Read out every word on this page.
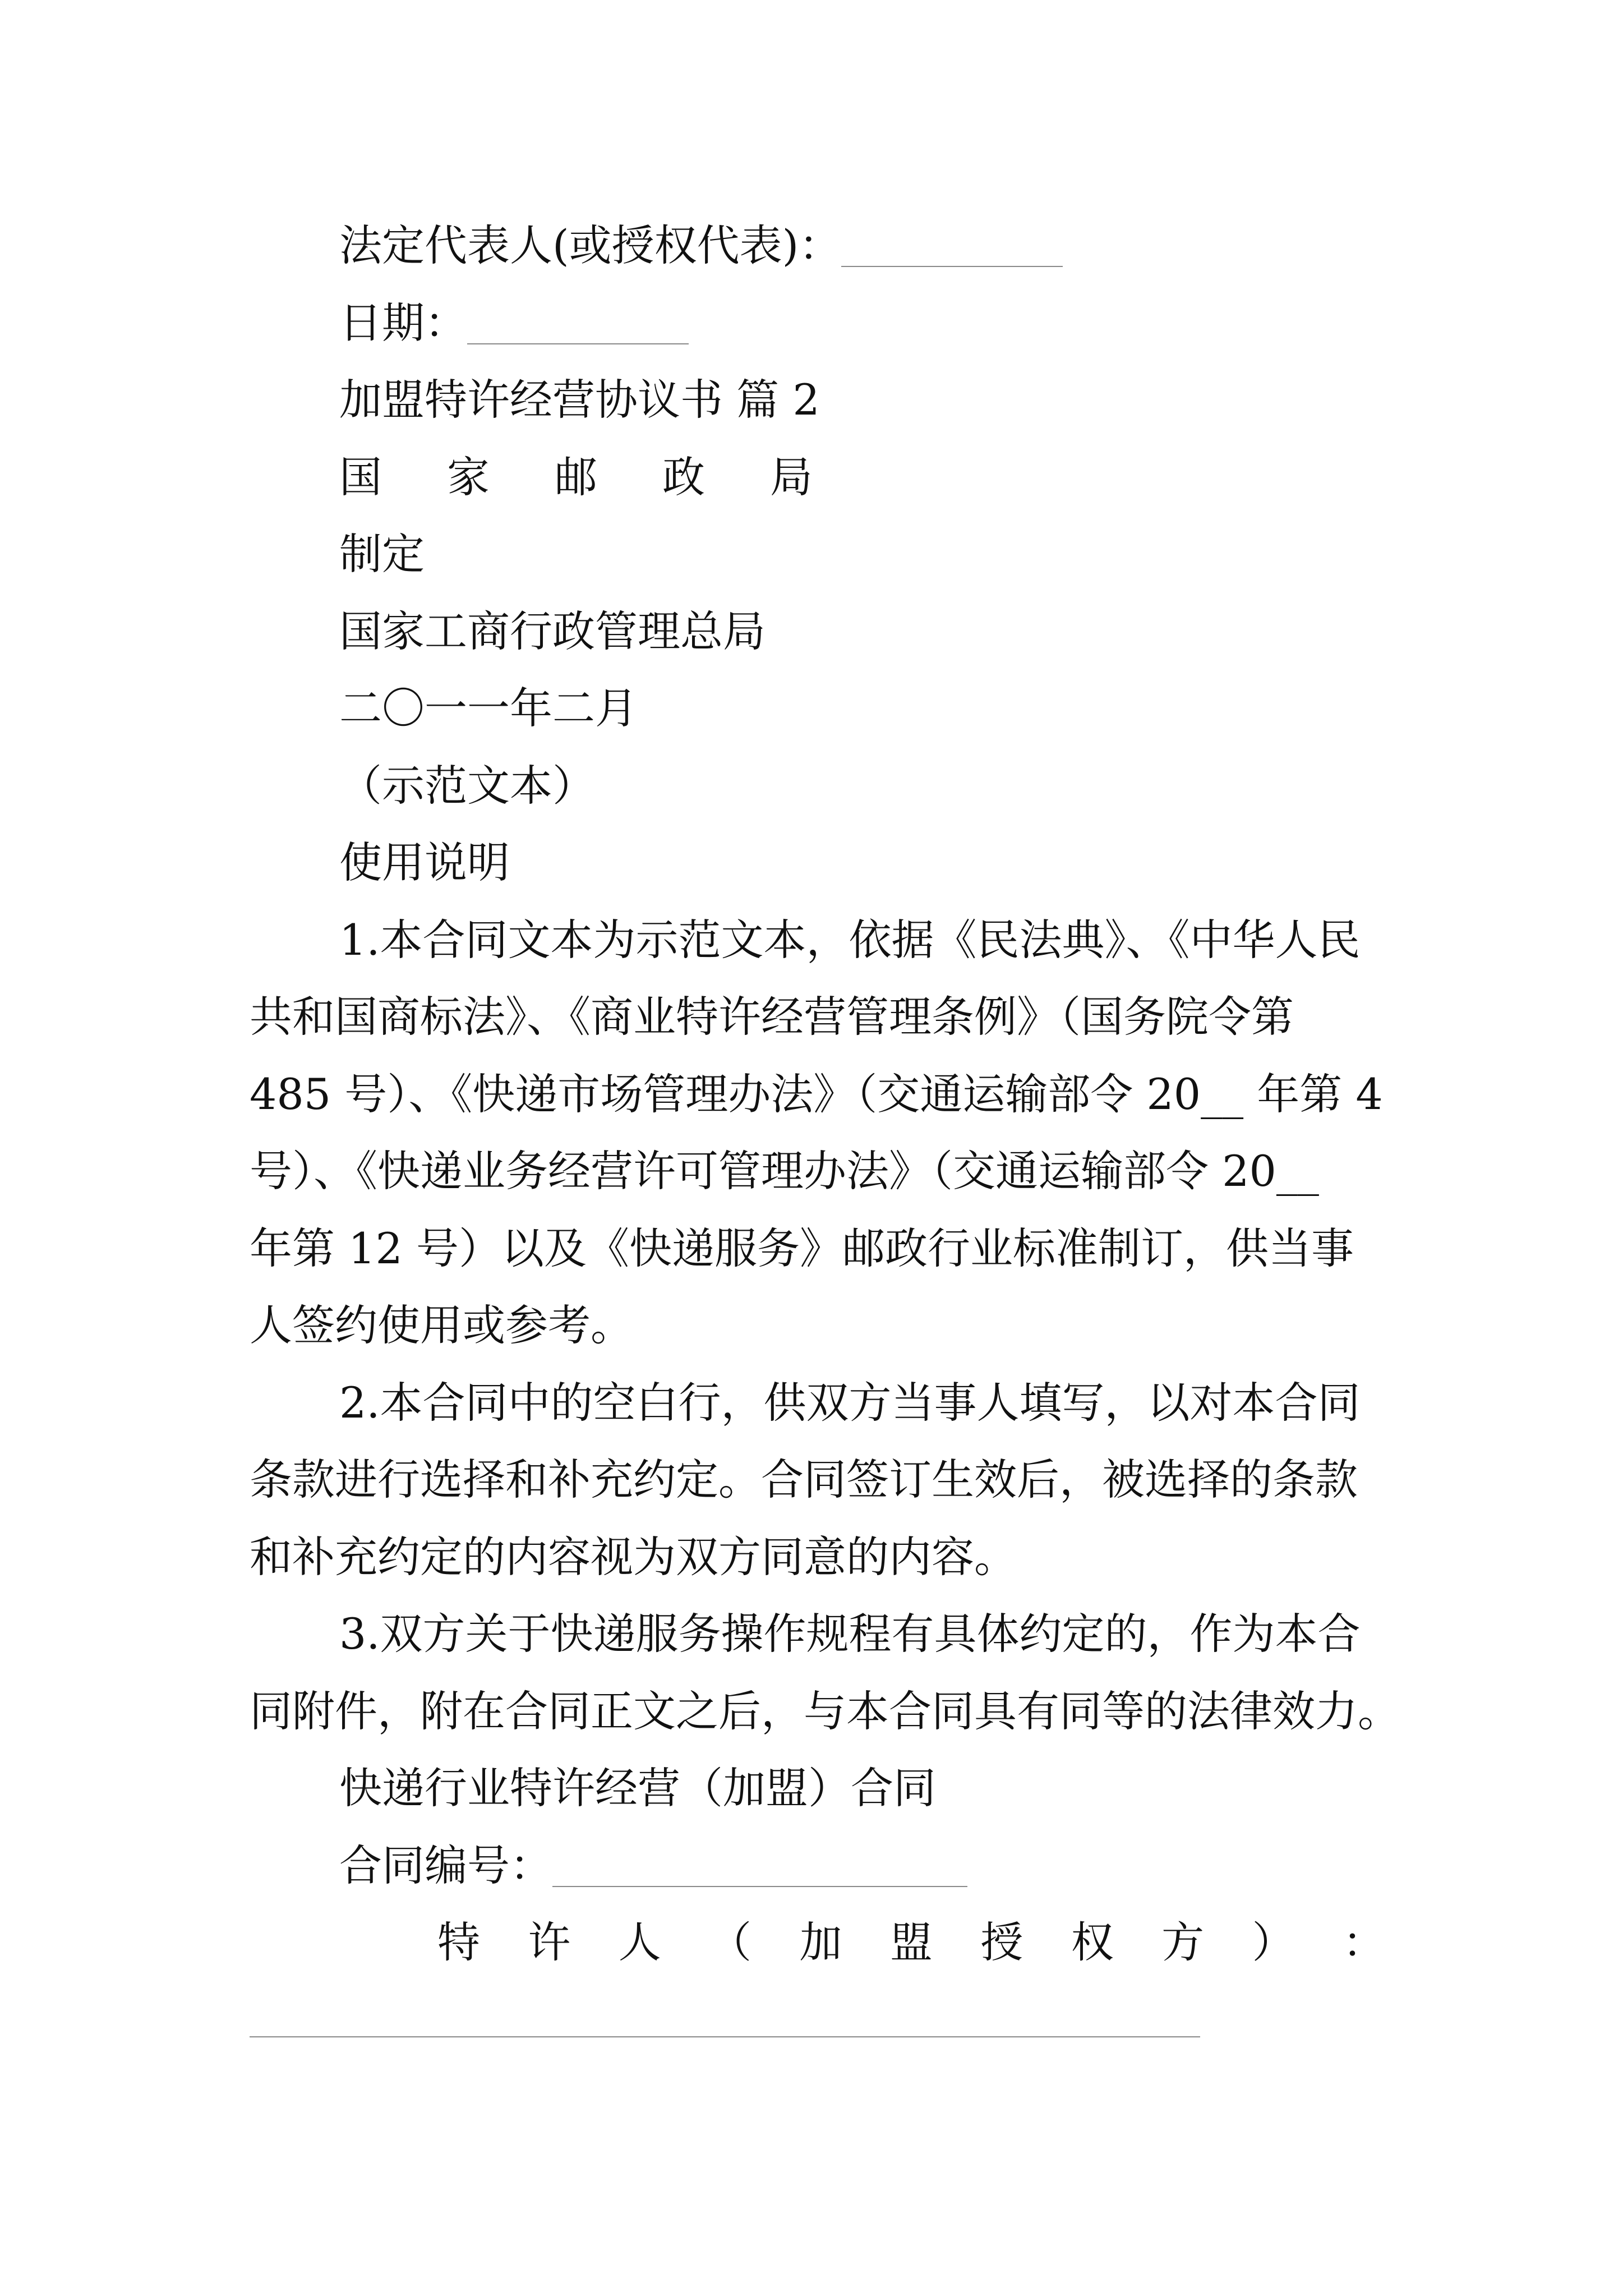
法定代表人(或授权代表)：
日期：
加盟特许经营协议书 篇 2
国　家　邮　政　局
制定
国家工商行政管理总局
二〇一一年二月
（示范文本）
使用说明
1.本合同文本为示范文本，依据《民法典》、《中华人民
共和国商标法》、《商业特许经营管理条例》（国务院令第
485 号）、《快递市场管理办法》（交通运输部令 20__ 年第 4
号）、《快递业务经营许可管理办法》（交通运输部令 20__
年第 12 号）以及《快递服务》邮政行业标准制订，供当事
人签约使用或参考。
2.本合同中的空白行，供双方当事人填写，以对本合同
条款进行选择和补充约定。合同签订生效后，被选择的条款
和补充约定的内容视为双方同意的内容。
3.双方关于快递服务操作规程有具体约定的，作为本合
同附件，附在合同正文之后，与本合同具有同等的法律效力。
快递行业特许经营（加盟）合同
合同编号：
特 许 人 （ 加 盟 授 权 方 ） ：
